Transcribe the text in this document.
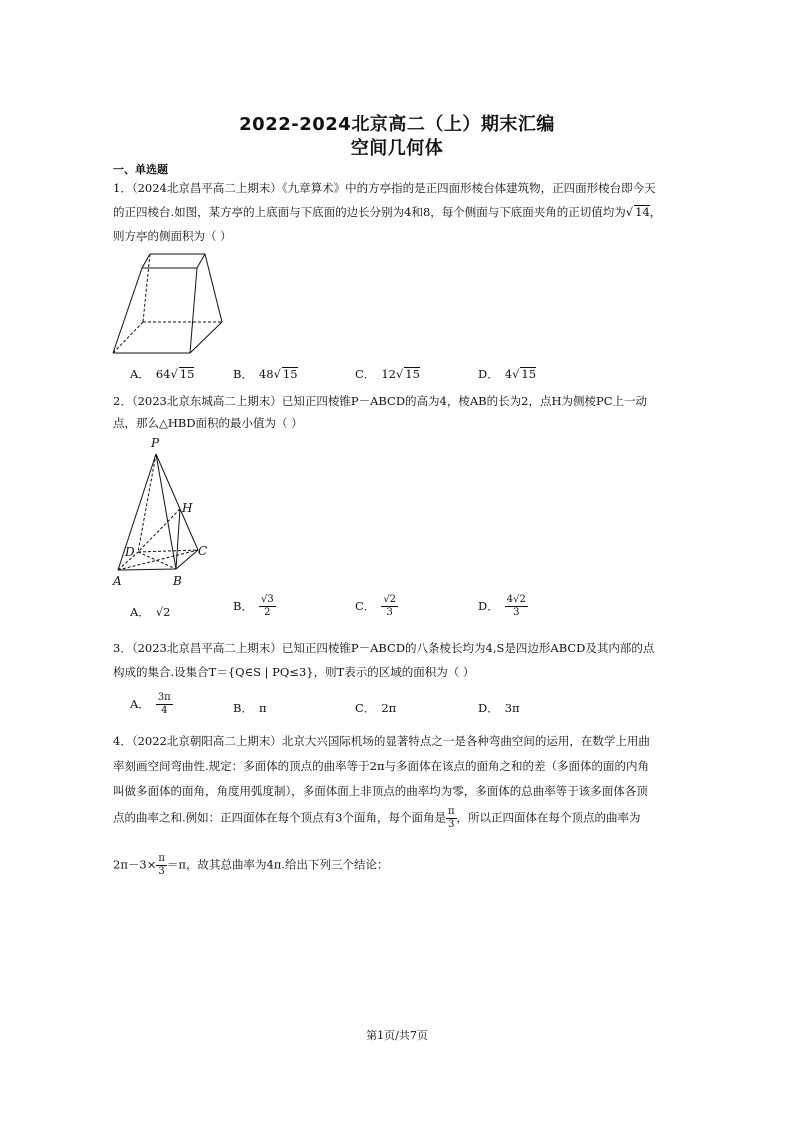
2022-2024北京高二（上）期末汇编
空间几何体
一、单选题
1．（2024北京昌平高二上期末）《九章算术》中的方亭指的是正四面形棱台体建筑物，正四面形棱台即今天
的正四棱台.如图，某方亭的上底面与下底面的边长分别为4和8，每个侧面与下底面夹角的正切值均为√ 14，
则方亭的侧面积为（ ）
A． 64√ 15	B． 48√ 15	C． 12√ 15	D． 4√ 15
2．（2023北京东城高二上期末）已知正四棱锥P－ABCD的高为4，棱AB的长为2，点H为侧棱PC上一动
点，那么△HBD面积的最小值为（ ）
P
H
D	C
A	B
A． √2	B． $\frac{√3}{2}$	C． $\frac{√2}{3}$	D． $\frac{4√2}{3}$
3．（2023北京昌平高二上期末）已知正四棱锥P－ABCD的八条棱长均为4,S是四边形ABCD及其内部的点
构成的集合.设集合T＝{Q∈S | PQ≤3}，则T表示的区域的面积为（ ）
A． $\frac{3\pi}{4}$	B． π	C． 2π	D． 3π
4．（2022北京朝阳高二上期末）北京大兴国际机场的显著特点之一是各种弯曲空间的运用，在数学上用曲
率刻画空间弯曲性.规定：多面体的顶点的曲率等于2π与多面体在该点的面角之和的差（多面体的面的内角
叫做多面体的面角，角度用弧度制），多面体面上非顶点的曲率均为零，多面体的总曲率等于该多面体各顶
点的曲率之和.例如：正四面体在每个顶点有3个面角，每个面角是 $\frac{\pi}{3}$ ，所以正四面体在每个顶点的曲率为
$2\pi-3\times \frac{\pi}{3} =\pi$，故其总曲率为4π.给出下列三个结论：
第1页/共7页
